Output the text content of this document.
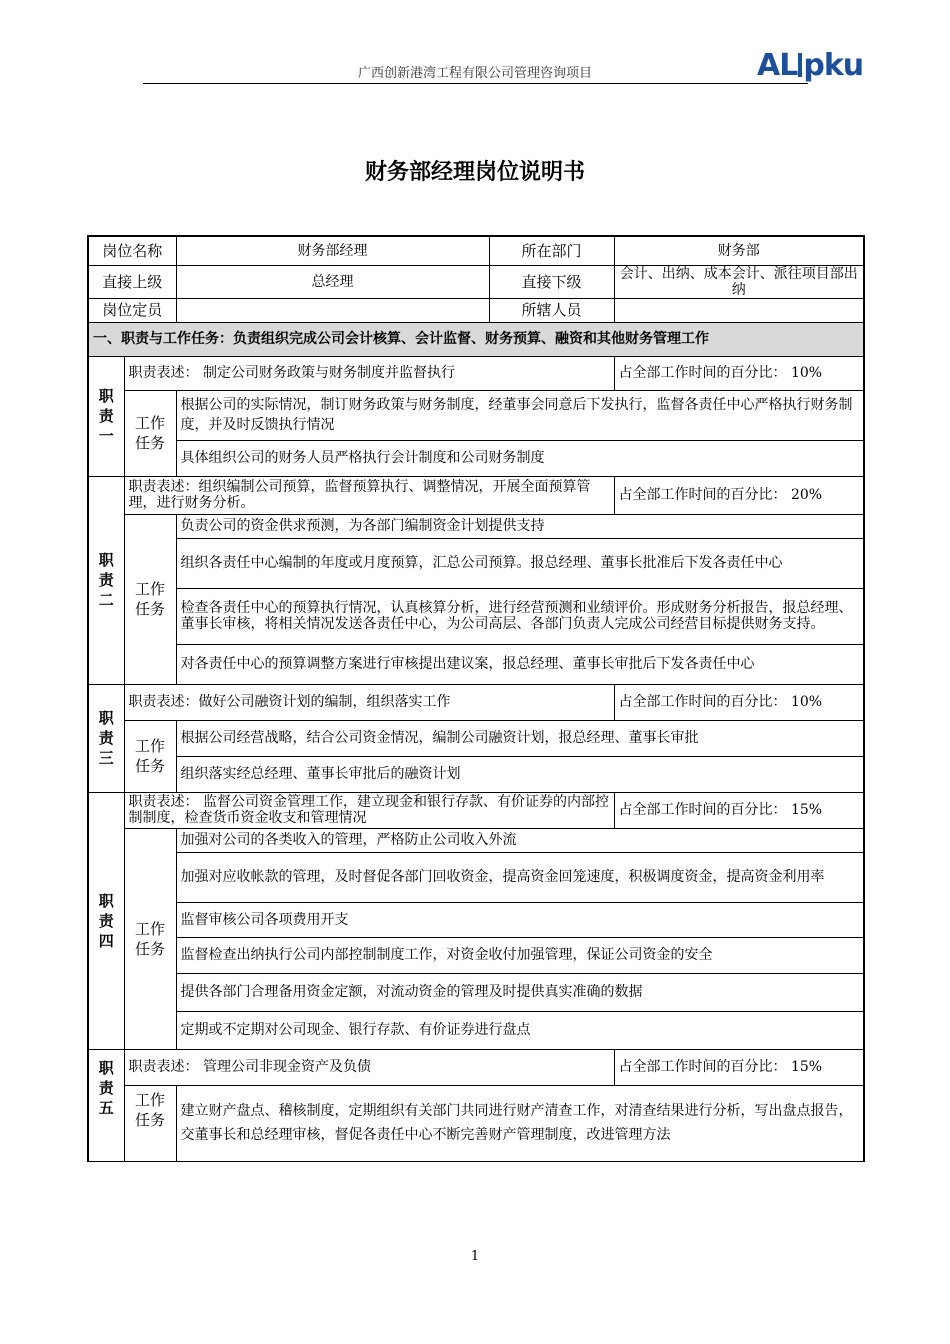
广西创新港湾工程有限公司管理咨询项目	AL pku
财务部经理岗位说明书
岗位名称		财务部经理	所在部门	财务部
直接上级		总经理	直接下级	会计、出纳、成本会计、派往项目部出纳
岗位定员			所辖人员	
一、职责与工作任务：负责组织完成公司会计核算、会计监督、财务预算、融资和其他财务管理工作				
职责一	职责表述： 制定公司财务政策与财务制度并监督执行			占全部工作时间的百分比： 10%
	工作任务	根据公司的实际情况，制订财务政策与财务制度，经董事会同意后下发执行，监督各责任中心严格执行财务制度，并及时反馈执行情况		
		具体组织公司的财务人员严格执行会计制度和公司财务制度		
职责二	职责表述：组织编制公司预算，监督预算执行、调整情况，开展全面预算管理，进行财务分析。			占全部工作时间的百分比： 20%
	工作任务	负责公司的资金供求预测，为各部门编制资金计划提供支持		
		组织各责任中心编制的年度或月度预算，汇总公司预算。报总经理、董事长批准后下发各责任中心		
		检查各责任中心的预算执行情况，认真核算分析，进行经营预测和业绩评价。形成财务分析报告，报总经理、董事长审核，将相关情况发送各责任中心，为公司高层、各部门负责人完成公司经营目标提供财务支持。		
		对各责任中心的预算调整方案进行审核提出建议案，报总经理、董事长审批后下发各责任中心		
职责三	职责表述：做好公司融资计划的编制，组织落实工作			占全部工作时间的百分比： 10%
	工作任务	根据公司经营战略，结合公司资金情况，编制公司融资计划，报总经理、董事长审批		
		组织落实经总经理、董事长审批后的融资计划		
职责四	职责表述： 监督公司资金管理工作，建立现金和银行存款、有价证券的内部控制制度，检查货币资金收支和管理情况			占全部工作时间的百分比： 15%
	工作任务	加强对公司的各类收入的管理，严格防止公司收入外流		
		加强对应收帐款的管理，及时督促各部门回收资金，提高资金回笼速度，积极调度资金，提高资金利用率		
		监督审核公司各项费用开支		
		监督检查出纳执行公司内部控制制度工作，对资金收付加强管理，保证公司资金的安全		
		提供各部门合理备用资金定额，对流动资金的管理及时提供真实准确的数据		
		定期或不定期对公司现金、银行存款、有价证券进行盘点		
职责五	职责表述： 管理公司非现金资产及负债			占全部工作时间的百分比： 15%
	工作任务	建立财产盘点、稽核制度，定期组织有关部门共同进行财产清查工作，对清查结果进行分析，写出盘点报告，交董事长和总经理审核，督促各责任中心不断完善财产管理制度，改进管理方法		
1
